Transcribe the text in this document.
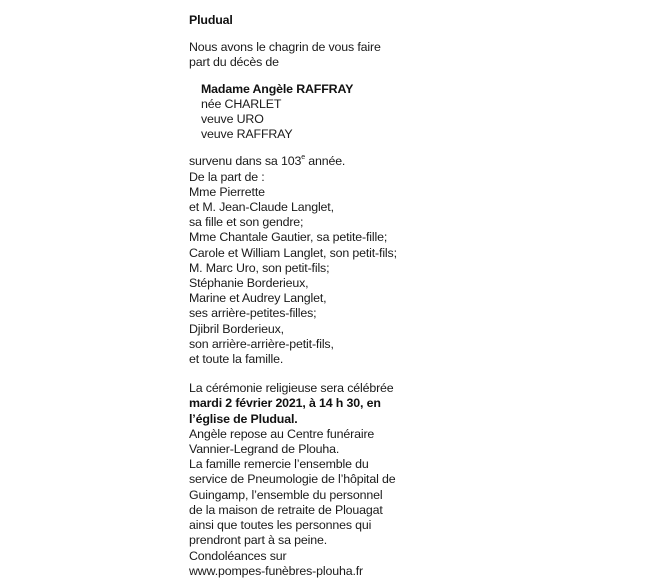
Pludual

Nous avons le chagrin de vous faire
part du décès de

Madame Angèle RAFFRAY
née CHARLET
veuve URO
veuve RAFFRAY

survenu dans sa 103e année.

De la part de :
Mme Pierrette
et M. Jean-Claude Langlet,
sa fille et son gendre;
Mme Chantale Gautier, sa petite-fille;
Carole et William Langlet, son petit-fils;
M. Marc Uro, son petit-fils;
Stéphanie Borderieux,
Marine et Audrey Langlet,
ses arrière-petites-filles;
Djibril Borderieux,
son arrière-arrière-petit-fils,
et toute la famille.
La cérémonie religieuse sera célébrée
mardi 2 février 2021, à 14 h 30, en
l’église de Pludual.
Angèle repose au Centre funéraire
Vannier-Legrand de Plouha.
La famille remercie l’ensemble du
service de Pneumologie de l’hôpital de
Guingamp, l’ensemble du personnel
de la maison de retraite de Plouagat
ainsi que toutes les personnes qui
prendront part à sa peine.
Condoléances sur
www.pompes-funèbres-plouha.fr
